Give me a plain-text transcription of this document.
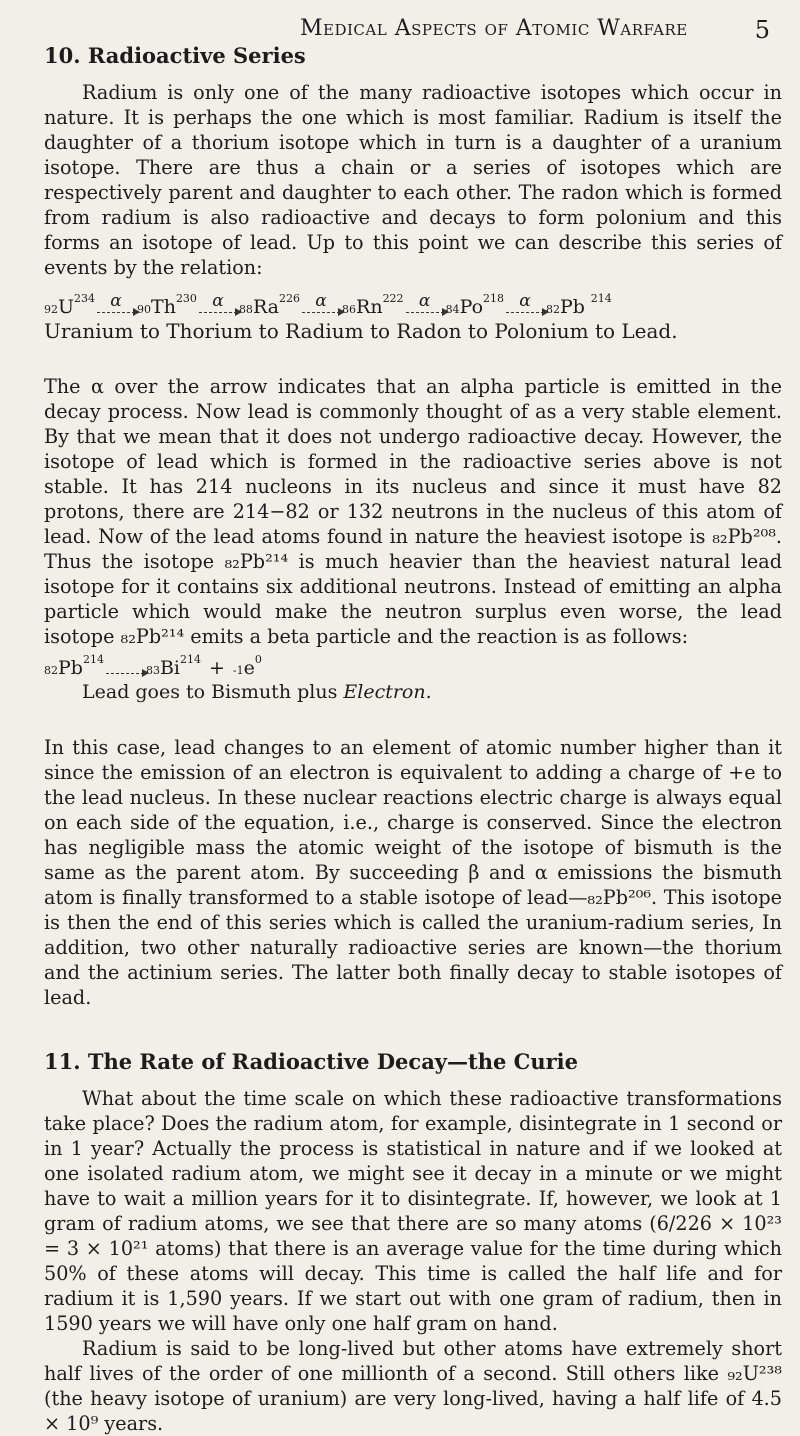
Medical Aspects of Atomic Warfare	5
10. Radioactive Series

Radium is only one of the many radioactive isotopes which occur in nature. It is perhaps the one which is most familiar. Radium is itself the daughter of a thorium isotope which in turn is a daughter of a uranium isotope. There are thus a chain or a series of isotopes which are respectively parent and daughter to each other. The radon which is formed from radium is also radioactive and decays to form polonium and this forms an isotope of lead. Up to this point we can describe this series of events by the relation:

92 U 234 α 90 Th 230 α 88 Ra 226 α 86 Rn 222 α 84 Po 218 α 82 Pb
214
Uranium to Thorium to Radium to Radon to Polonium to Lead.

The α over the arrow indicates that an alpha particle is emitted in the decay process. Now lead is commonly thought of as a very stable element. By that we mean that it does not undergo radioactive decay. However, the isotope of lead which is formed in the radioactive series above is not stable. It has 214 nucleons in its nucleus and since it must have 82 protons, there are 214−82 or 132 neutrons in the nucleus of this atom of lead. Now of the lead atoms found in nature the heaviest isotope is ₈₂Pb²⁰⁸. Thus the isotope ₈₂Pb²¹⁴ is much heavier than the heaviest natural lead isotope for it contains six additional neutrons. Instead of emitting an alpha particle which would make the neutron surplus even worse, the lead isotope ₈₂Pb²¹⁴ emits a beta particle and the reaction is as follows:

82 Pb 214

83 Bi 214 + -1 e 0
Lead goes to Bismuth plus Electron.

In this case, lead changes to an element of atomic number higher than it since the emission of an electron is equivalent to adding a charge of +e to the lead nucleus. In these nuclear reactions electric charge is always equal on each side of the equation, i.e., charge is conserved. Since the electron has negligible mass the atomic weight of the isotope of bismuth is the same as the parent atom. By succeeding β and α emissions the bismuth atom is finally transformed to a stable isotope of lead—₈₂Pb²⁰⁶. This isotope is then the end of this series which is called the uranium-radium series, In addition, two other naturally radioactive series are known—the thorium and the actinium series. The latter both finally decay to stable isotopes of lead.

11. The Rate of Radioactive Decay—the Curie

What about the time scale on which these radioactive transformations take place? Does the radium atom, for example, disintegrate in 1 second or in 1 year? Actually the process is statistical in nature and if we looked at one isolated radium atom, we might see it decay in a minute or we might have to wait a million years for it to disintegrate. If, however, we look at 1 gram of radium atoms, we see that there are so many atoms (6/226 × 10²³ = 3 × 10²¹ atoms) that there is an average value for the time during which 50% of these atoms will decay. This time is called the half life and for radium it is 1,590 years. If we start out with one gram of radium, then in 1590 years we will have only one half gram on hand.

Radium is said to be long-lived but other atoms have extremely short half lives of the order of one millionth of a second. Still others like ₉₂U²³⁸ (the heavy isotope of uranium) are very long-lived, having a half life of 4.5 × 10⁹ years.
